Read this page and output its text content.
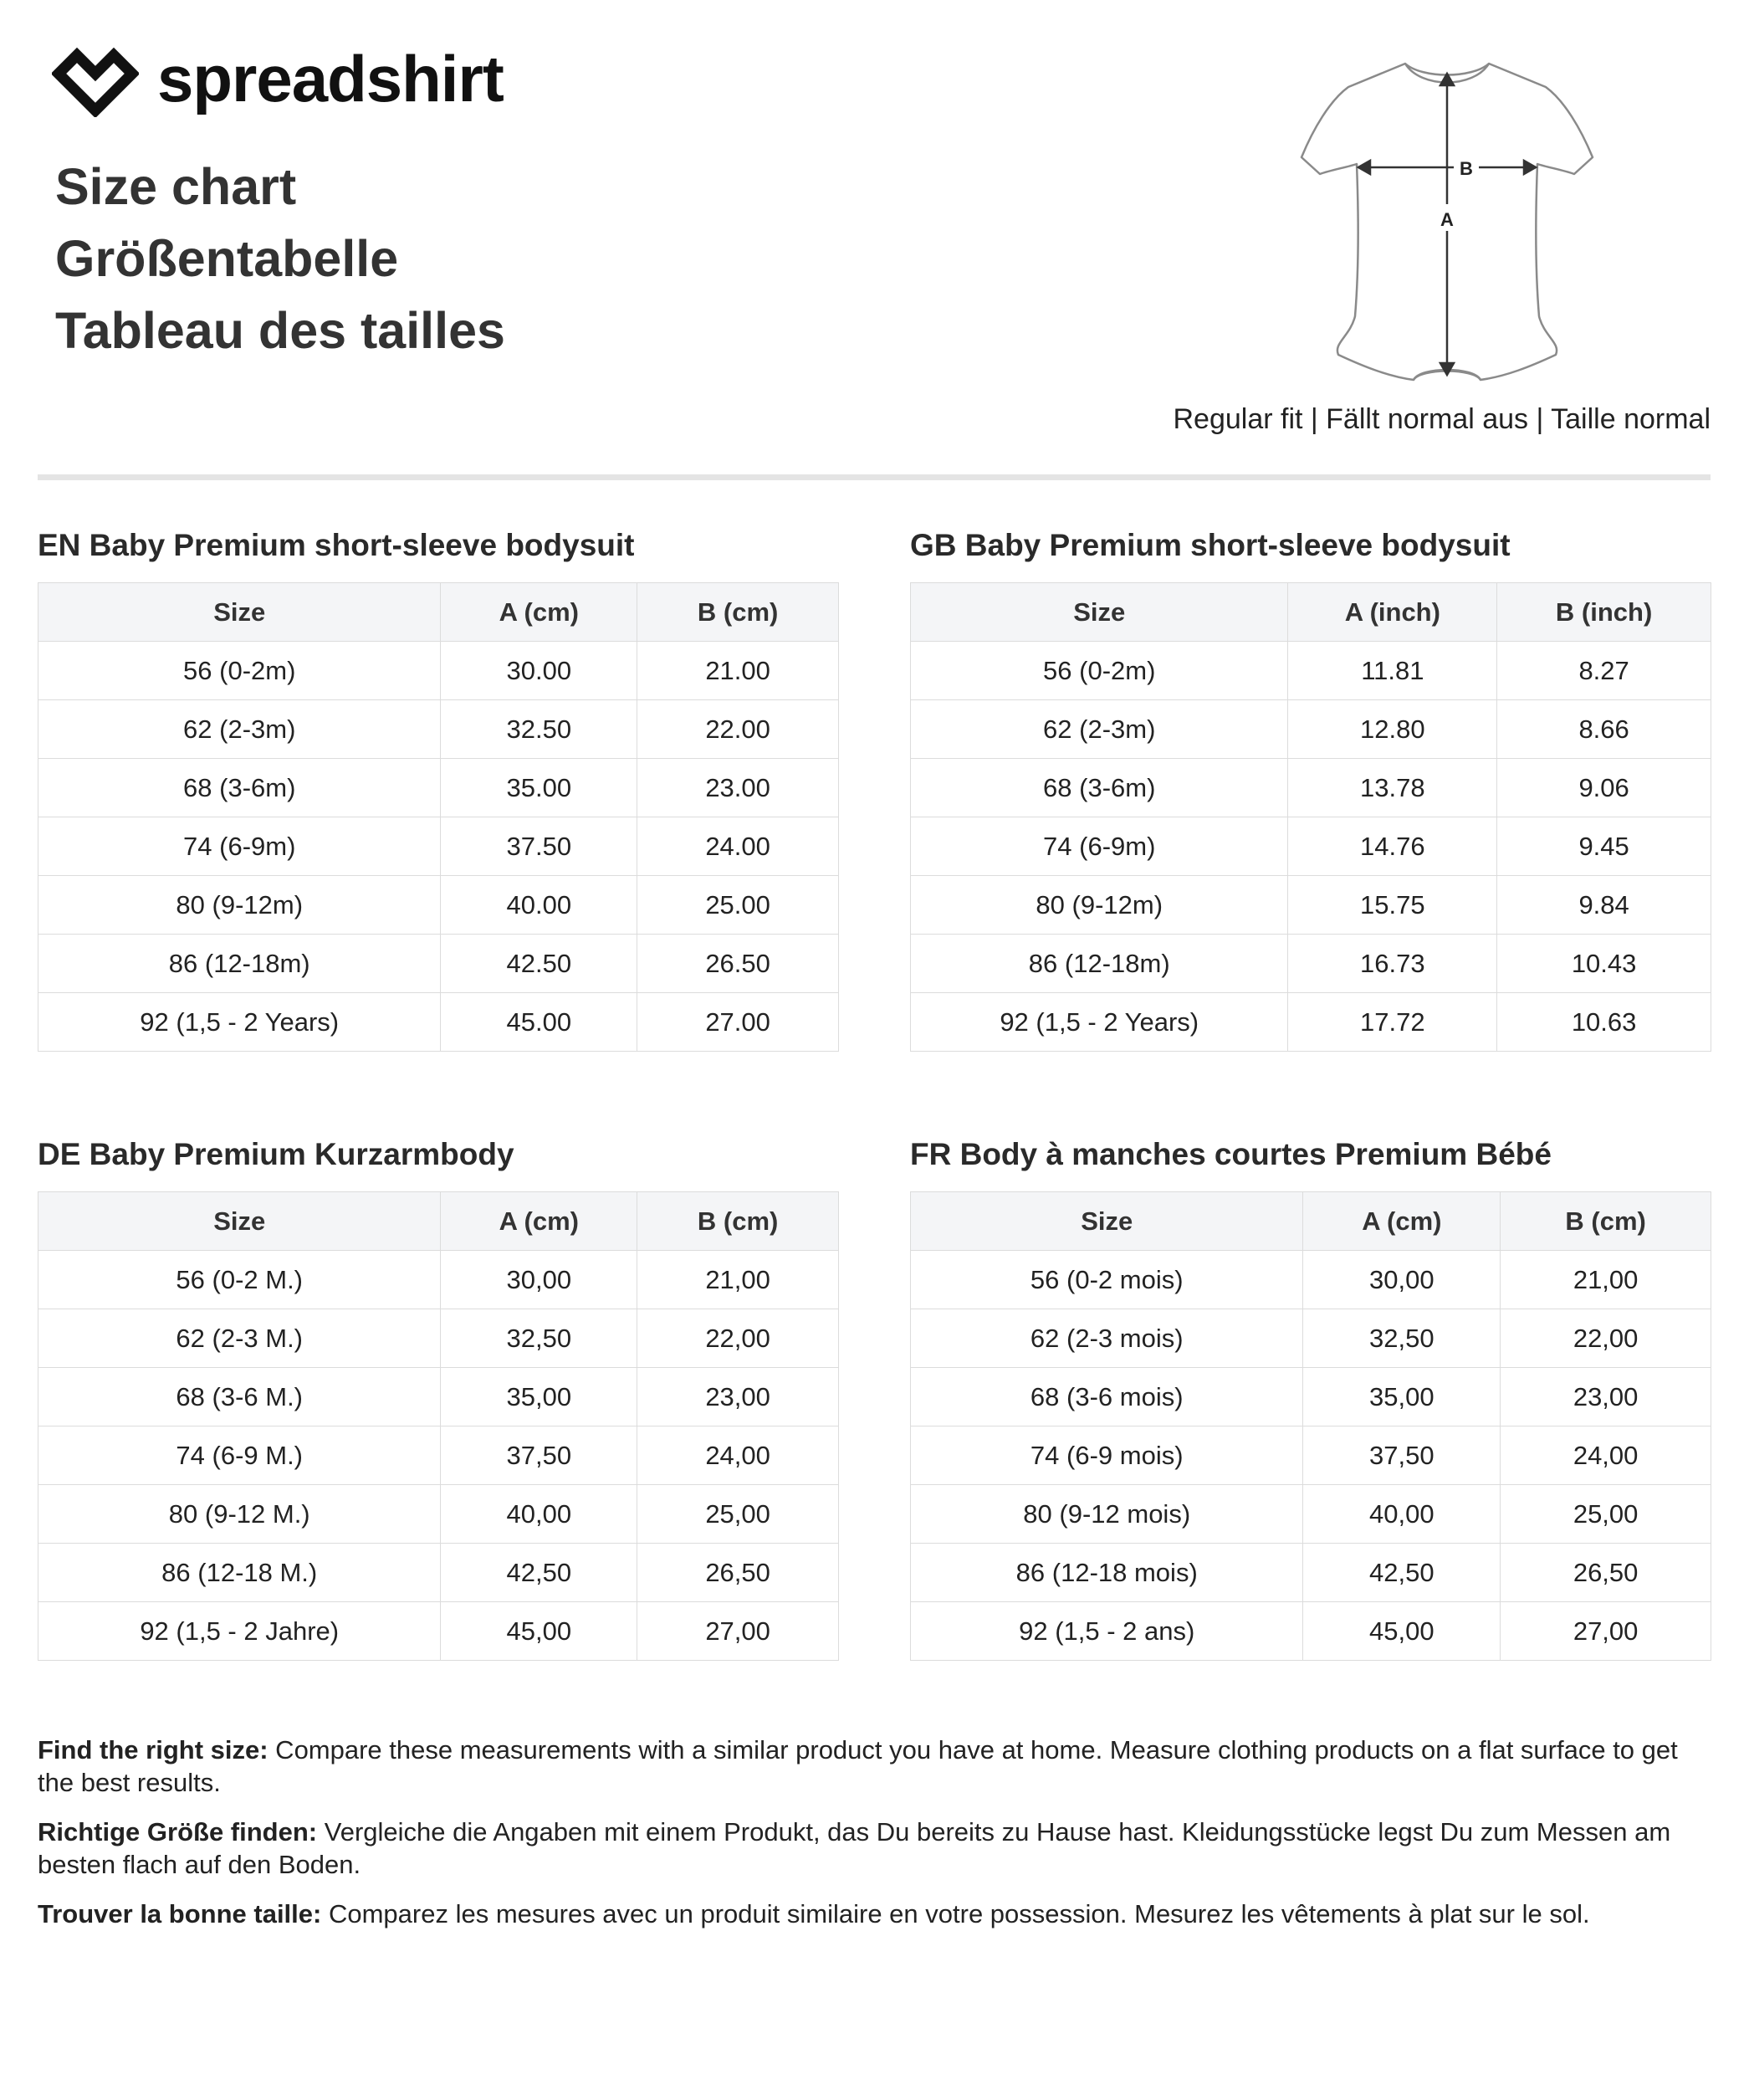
spreadshirt
Size chart
Größentabelle
Tableau des tailles
A
B
Regular fit | Fällt normal aus | Taille normal
EN Baby Premium short-sleeve bodysuit
Size	A (cm)	B (cm)
56 (0-2m)	30.00	21.00
62 (2-3m)	32.50	22.00
68 (3-6m)	35.00	23.00
74 (6-9m)	37.50	24.00
80 (9-12m)	40.00	25.00
86 (12-18m)	42.50	26.50
92 (1,5 - 2 Years)	45.00	27.00
GB Baby Premium short-sleeve bodysuit
Size	A (inch)	B (inch)
56 (0-2m)	11.81	8.27
62 (2-3m)	12.80	8.66
68 (3-6m)	13.78	9.06
74 (6-9m)	14.76	9.45
80 (9-12m)	15.75	9.84
86 (12-18m)	16.73	10.43
92 (1,5 - 2 Years)	17.72	10.63
DE Baby Premium Kurzarmbody
Size	A (cm)	B (cm)
56 (0-2 M.)	30,00	21,00
62 (2-3 M.)	32,50	22,00
68 (3-6 M.)	35,00	23,00
74 (6-9 M.)	37,50	24,00
80 (9-12 M.)	40,00	25,00
86 (12-18 M.)	42,50	26,50
92 (1,5 - 2 Jahre)	45,00	27,00
FR Body à manches courtes Premium Bébé
Size	A (cm)	B (cm)
56 (0-2 mois)	30,00	21,00
62 (2-3 mois)	32,50	22,00
68 (3-6 mois)	35,00	23,00
74 (6-9 mois)	37,50	24,00
80 (9-12 mois)	40,00	25,00
86 (12-18 mois)	42,50	26,50
92 (1,5 - 2 ans)	45,00	27,00

Find the right size: Compare these measurements with a similar product you have at home. Measure clothing products on a flat surface to get the best results.

Richtige Größe finden: Vergleiche die Angaben mit einem Produkt, das Du bereits zu Hause hast. Kleidungsstücke legst Du zum Messen am besten flach auf den Boden.

Trouver la bonne taille: Comparez les mesures avec un produit similaire en votre possession. Mesurez les vêtements à plat sur le sol.
